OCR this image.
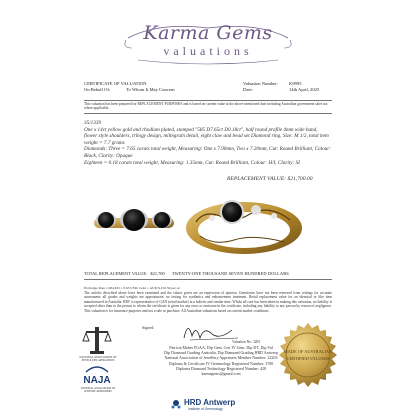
Karma Gems
valuations
CERTIFICATE OF VALUATION
On Behalf Of:	To Whom It May Concern
Valuation Number:	K9995
Date:	14th April, 2025
This valuation has been prepared for REPLACEMENT PURPOSES and is based on current value at the above mentioned date including Australian government sales tax where applicable.
35/1339
One x 14ct yellow gold and rhodium plated, stamped "585 D7.65ct D0.18ct", half round profile 4mm wide band, flower style shoulders, trilogy design, millegrain detail, eight claw and bead set Diamond ring, Size: M 1/2, total item weight = 7.7 grams
Diamonds: Three = 7.65 carats total weight, Measuring: One x 7.90mm, Two x 7.20mm, Cut: Round Brilliant, Colour: Black, Clarity: Opaque
Eighteen = 0.18 carats total weight, Measuring: 1.35mm, Cut: Round Brilliant, Colour: H/I, Clarity: SI
REPLACEMENT VALUE: $21,700.00
TOTAL REPLACEMENT VALUE: $21,700 TWENTY-ONE THOUSAND SEVEN HUNDRED DOLLARS
Exchange Rate 1.00AUD = 0.63 USD, Gold = AUD $,150.56 per oz
The articles described above have been examined and the values given are an expression of opinion. Gemstones have not been removed from settings for accurate assessment; all grades and weights are approximate, no testing for synthetics and enhancement treatment. Retail replacement value for an identical or like item manufactured in Australia. RRV is representative of GAN (retail market) in a holistic and similar time. Whilst all care has been taken in making this valuation, no liability is accepted other than to the person to whom the certificate is given for any error or omission in the certificate, including any liability to any person by reason of negligence. This valuation is for insurance purposes and not a sale or purchase. All Australian valuations based on current market conditions.
Signed:
Valuation No: 3205
Patricia Maher FGAA, Dip Gem, Cert IV Gem, Dip DT, Dip Val
Dip Diamond Grading Australia, Dip Diamond Grading HRD Antwerp
National Association of Jewellery Appraisers Member Number: 22203
Diploma & Certificate IV Gemmology Registered Number: 3780
Diploma Diamond Technology Registered Number: 428
karmagems@gmail.com
NATIONAL ASSOCIATION OF JEWELLERY APPRAISERS
NAJA
NATIONAL ASSOCIATION OF JEWELRY APPRAISERS
HRD Antwerp
Institute of Gemmology
MADE OF AUSTRALIAN
CERTIFIED VALUERS
